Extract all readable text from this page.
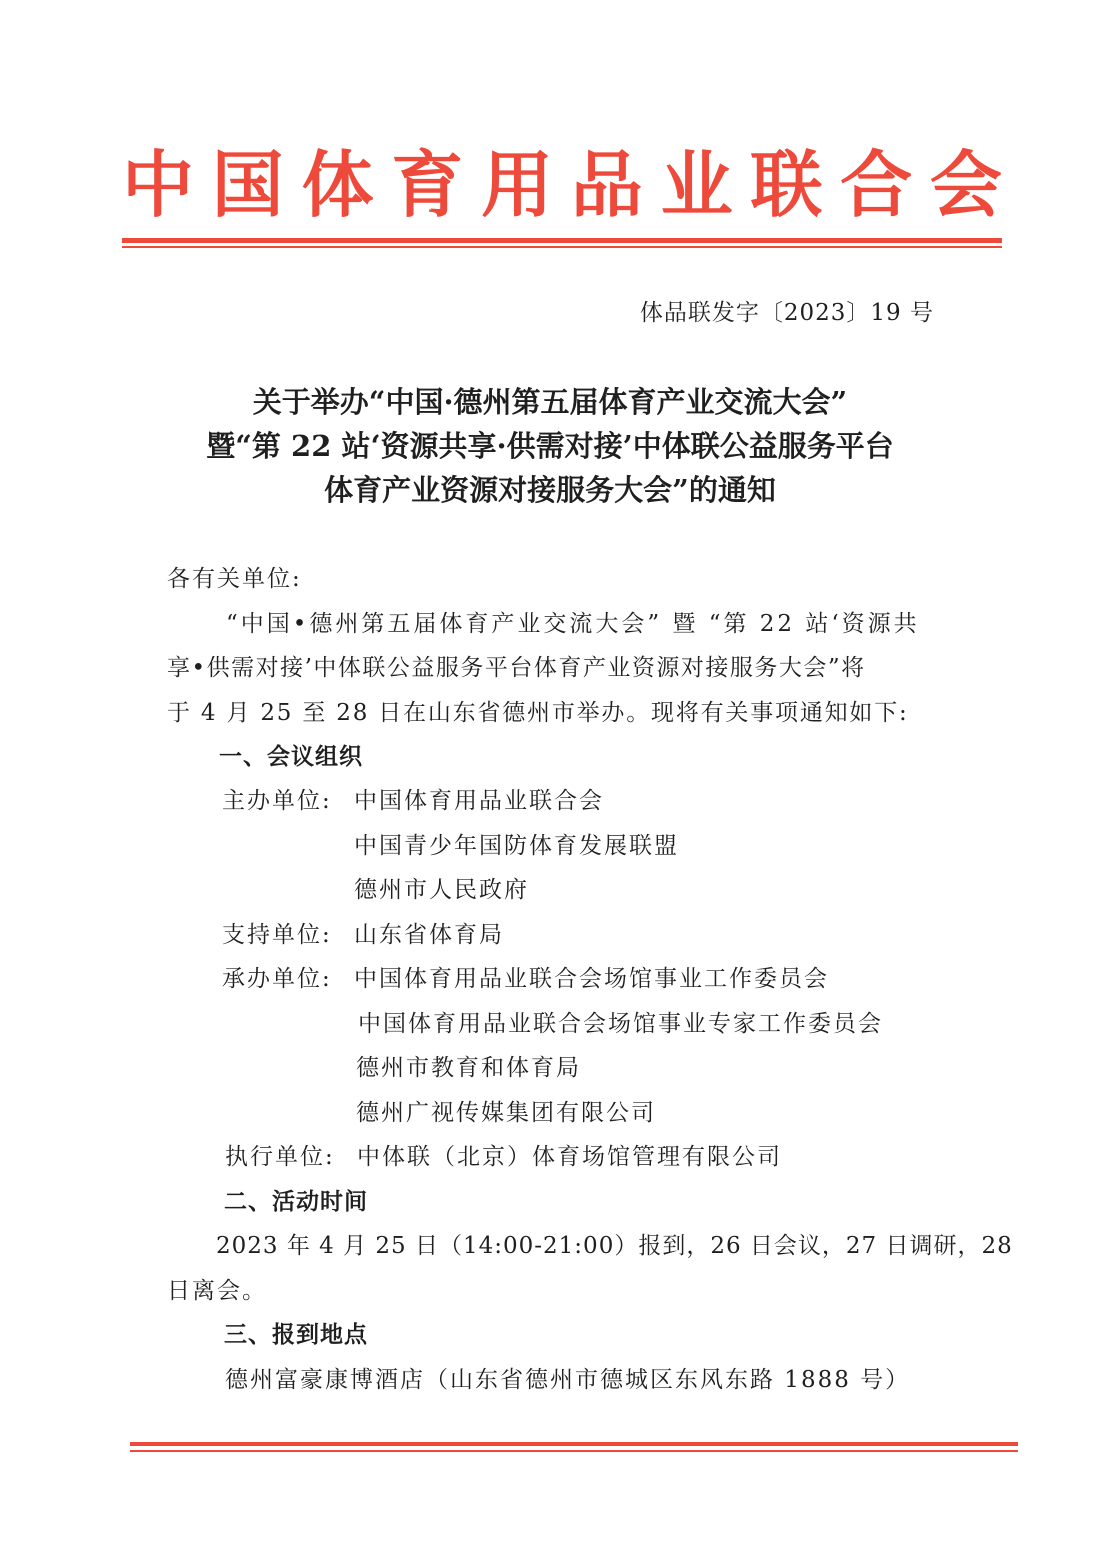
中 国 体 育 用 品 业 联 合 会
体品联发字〔2023〕19 号
关于举办“中国·德州第五届体育产业交流大会”
暨“第 22 站‘资源共享·供需对接’中体联公益服务平台
体育产业资源对接服务大会”的通知
各有关单位:
“中国•德州第五届体育产业交流大会” 暨 “第 22 站‘资源共
享•供需对接’中体联公益服务平台体育产业资源对接服务大会”将
于 4 月 25 至 28 日在山东省德州市举办。现将有关事项通知如下:
一、会议组织
主办单位: 中国体育用品业联合会
中国青少年国防体育发展联盟
德州市人民政府
支持单位: 山东省体育局
承办单位: 中国体育用品业联合会场馆事业工作委员会
中国体育用品业联合会场馆事业专家工作委员会
德州市教育和体育局
德州广视传媒集团有限公司
执行单位: 中体联（北京）体育场馆管理有限公司
二、活动时间
2023 年 4 月 25 日（14:00-21:00）报到，26 日会议，27 日调研，28
日离会。
三、报到地点
德州富豪康博酒店（山东省德州市德城区东风东路 1888 号）
